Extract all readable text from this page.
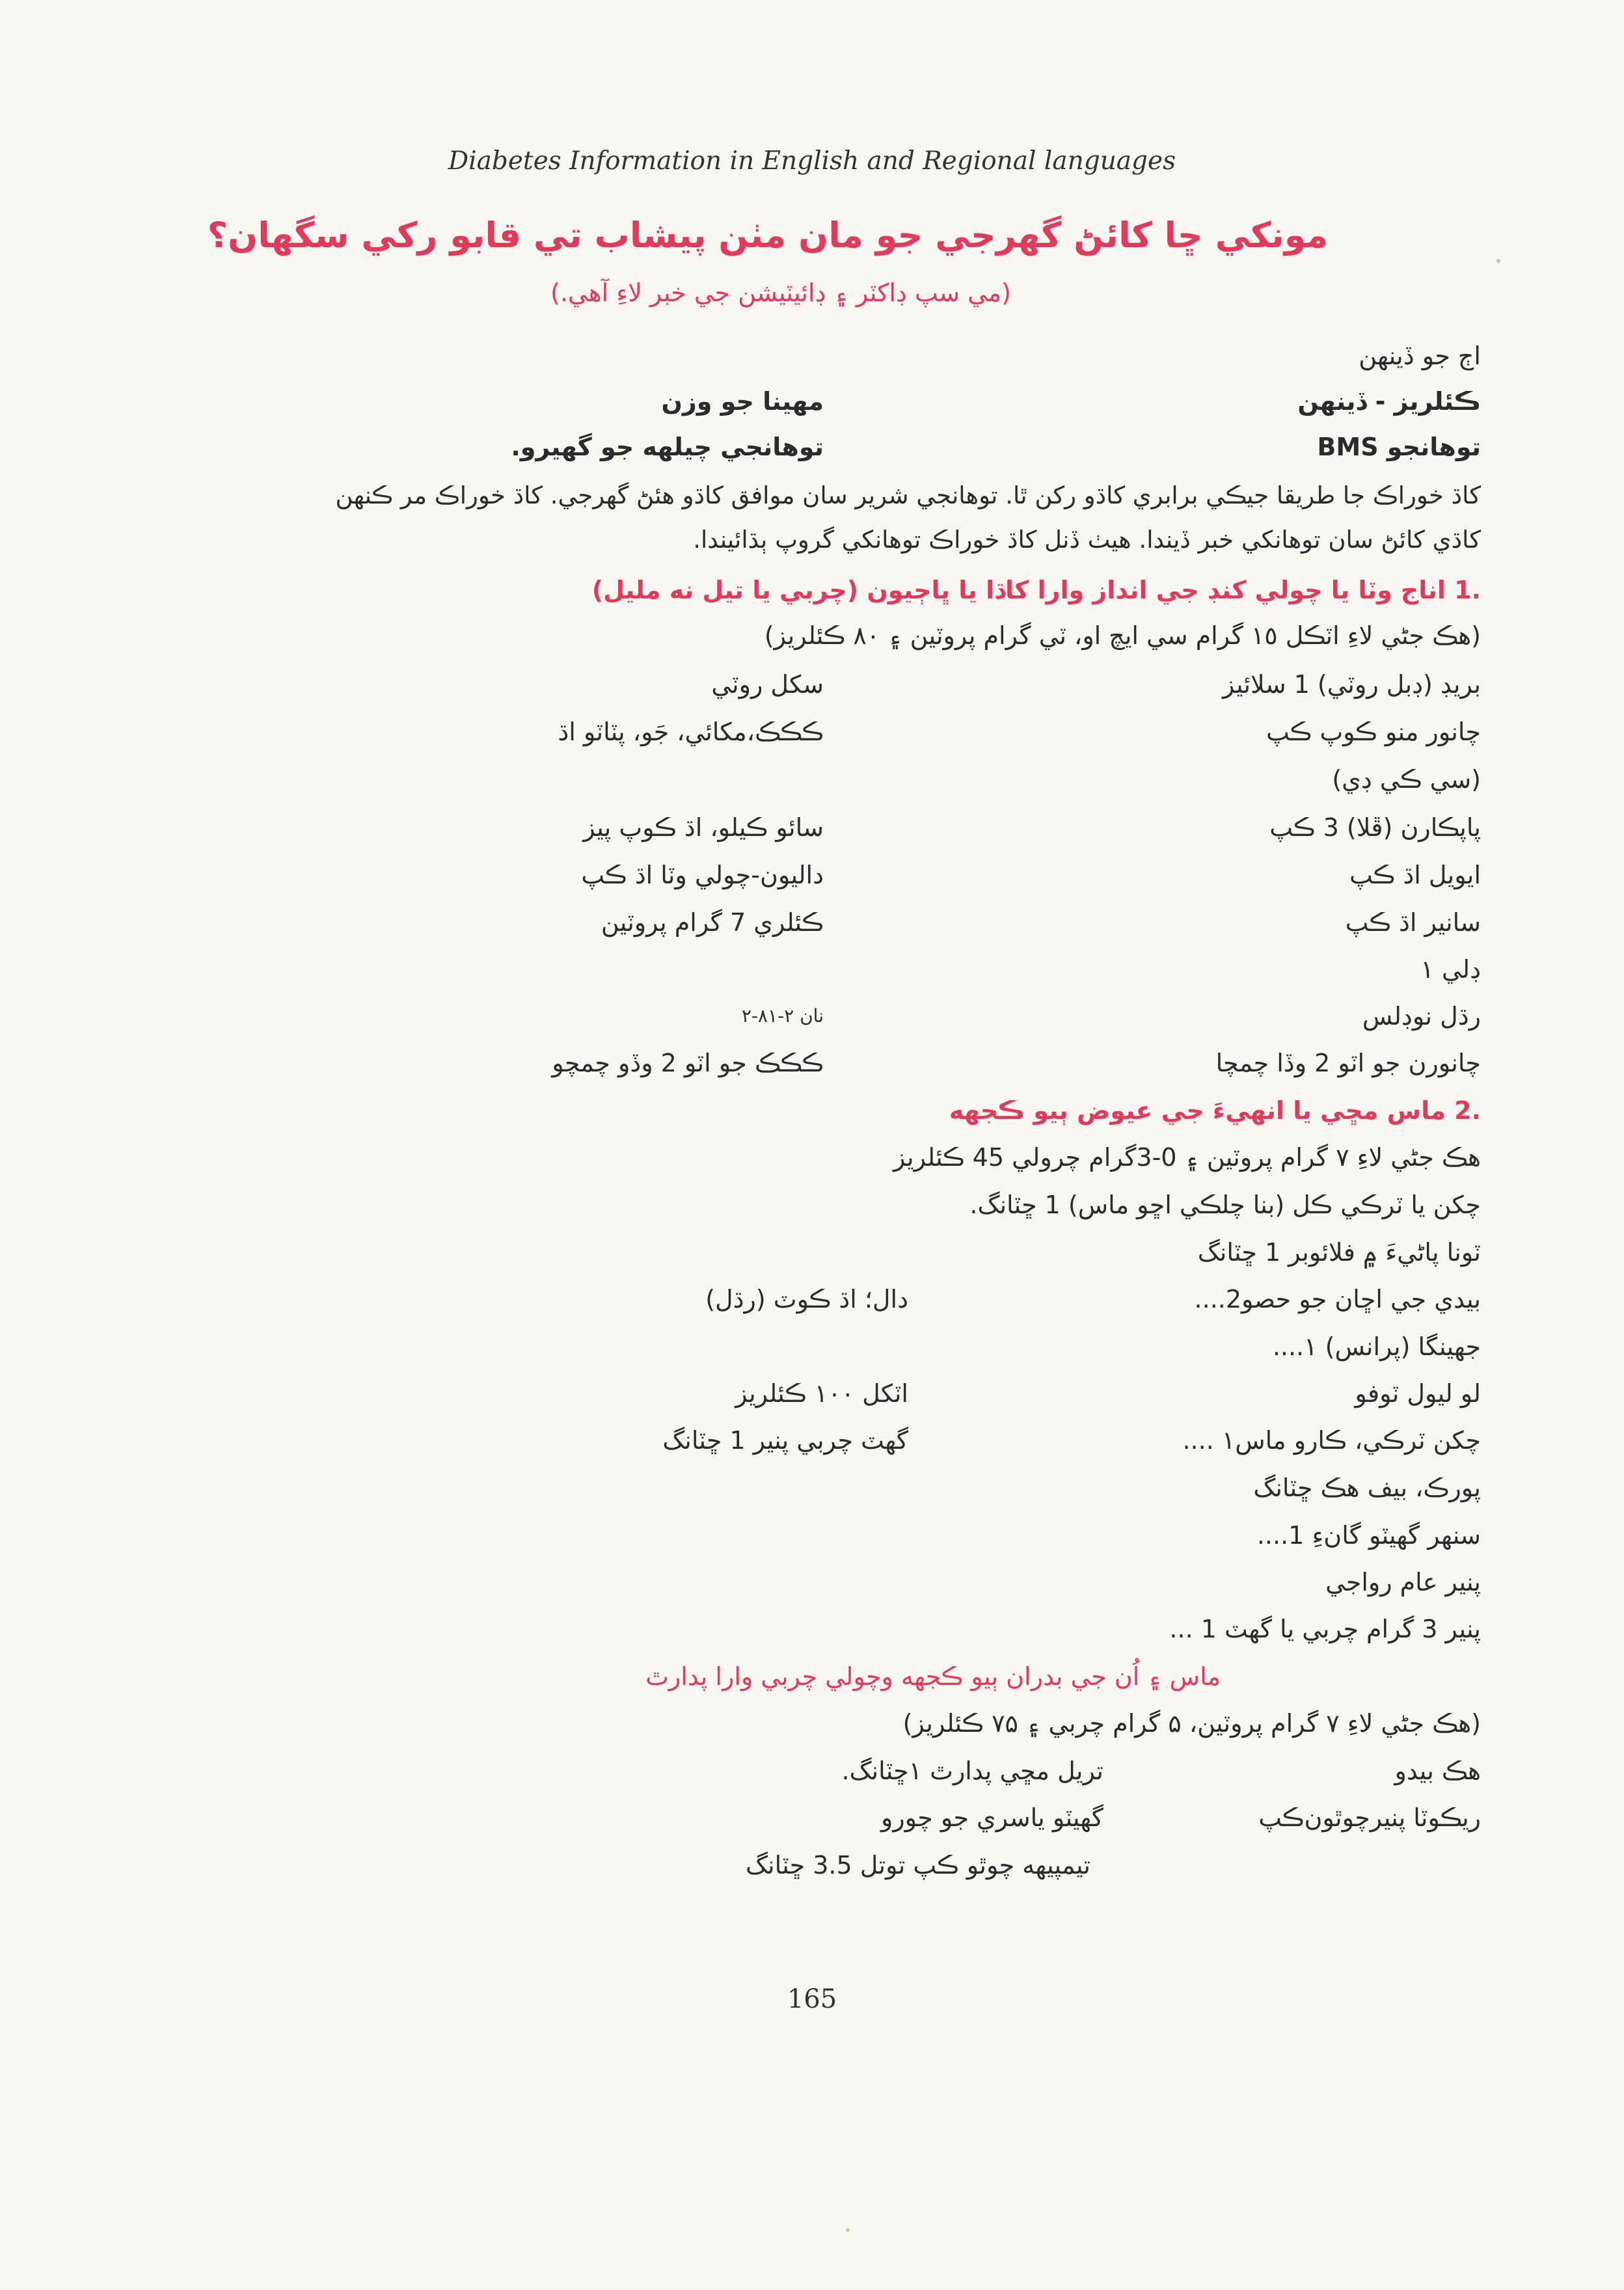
Diabetes Information in English and Regional languages
مونکي ڇا کائڻ گھرجي جو مان مٺن پيشاب تي قابو رکي سگھان؟
(مي سپ ڊاکٽر ۽ ڊائيٽيشن جي خبر لاءِ آهي.)
اڄ جو ڏينهن
ڪئلريز - ڏينهن
مهينا جو وزن
توهانجو BMS
توهانجي چيلهه جو گهيرو.
کاڌ خوراڪ جا طريقا جيڪي برابري کاڌو رکن ٿا. توهانجي شرير سان موافق کاڌو هئڻ گهرجي. کاڌ خوراڪ مر ڪنهن
کاڌي کائڻ سان توهانکي خبر ڏيندا. هيٺ ڏنل کاڌ خوراڪ توهانکي گروپ ٻڌائيندا.
.1 اناج وٽا يا چولي کنڊ جي انداز وارا کاڌا يا ڀاڄيون (چربي يا تيل نه مليل)
(هڪ جڻي لاءِ اٽڪل ١٥ گرام سي ايچ او، ٽي گرام پروٽين ۽ ٨٠ ڪئلريز)
بريڊ (ڊبل روٽي) 1 سلائيز
سکل روٽي
چانور منو ڪوپ ڪپ
ڪڪڪ،مکائي، جَو، پٽاٽو اڌ
(سي ڪي ڊي)
پاپڪارن (ڦلا) 3 ڪپ
سائو ڪيلو، اڌ ڪوپ پيز
ايويل اڌ ڪپ
داليون-چولي وٽا اڌ ڪپ
سانير اڌ ڪپ
ڪئلري 7 گرام پروٽين
ڊلي ۱
رڌل نوڊلس
نان ٢-٨١-٢
چانورن جو اٽو 2 وڏا چمچا
ڪڪڪ جو اٽو 2 وڏو چمچو
.2 ماس مڇي يا انهيءَ جي عيوض ٻيو ڪجهه
هڪ جڻي لاءِ ٧ گرام پروٽين ۽ 0-3گرام چرولي 45 ڪئلريز
چکن يا ٽرڪي ڪل (بنا چلڪي اڇو ماس) 1 ڇٽانگ.
ٽونا پاڻيءَ ۾ فلائوبر 1 ڇٽانگ
بيدي جي اڇان جو حصو2....
دال؛ اڌ ڪوٽ (رڌل)
جهينگا (پرانس) ۱....
لو ليول ٽوفو
اٽکل ۱۰۰ ڪئلريز
چکن ٽرڪي، ڪارو ماس۱ ....
گهٽ چربي پنير 1 ڇٽانگ
پورڪ، بيف هڪ ڇٽانگ
سنهر گهيٽو گانءِ 1....
پنير عام رواجي
پنير 3 گرام چربي يا گهٽ 1 ...
ماس ۽ اُن جي بدران ٻيو ڪجهه وچولي چربي وارا پدارٿ
(هڪ جڻي لاءِ ۷ گرام پروٽين، ۵ گرام چربي ۽ ۷۵ ڪئلريز)
هڪ بيدو
تريل مڇي پدارٿ ۱ڇٽانگ.
ريڪوٽا پنيرچوٿون‌ڪپ
گهيٽو ياسري جو چورو
تيمپيهه چوٿو ڪپ توتل 3.5 ڇٽانگ
165
